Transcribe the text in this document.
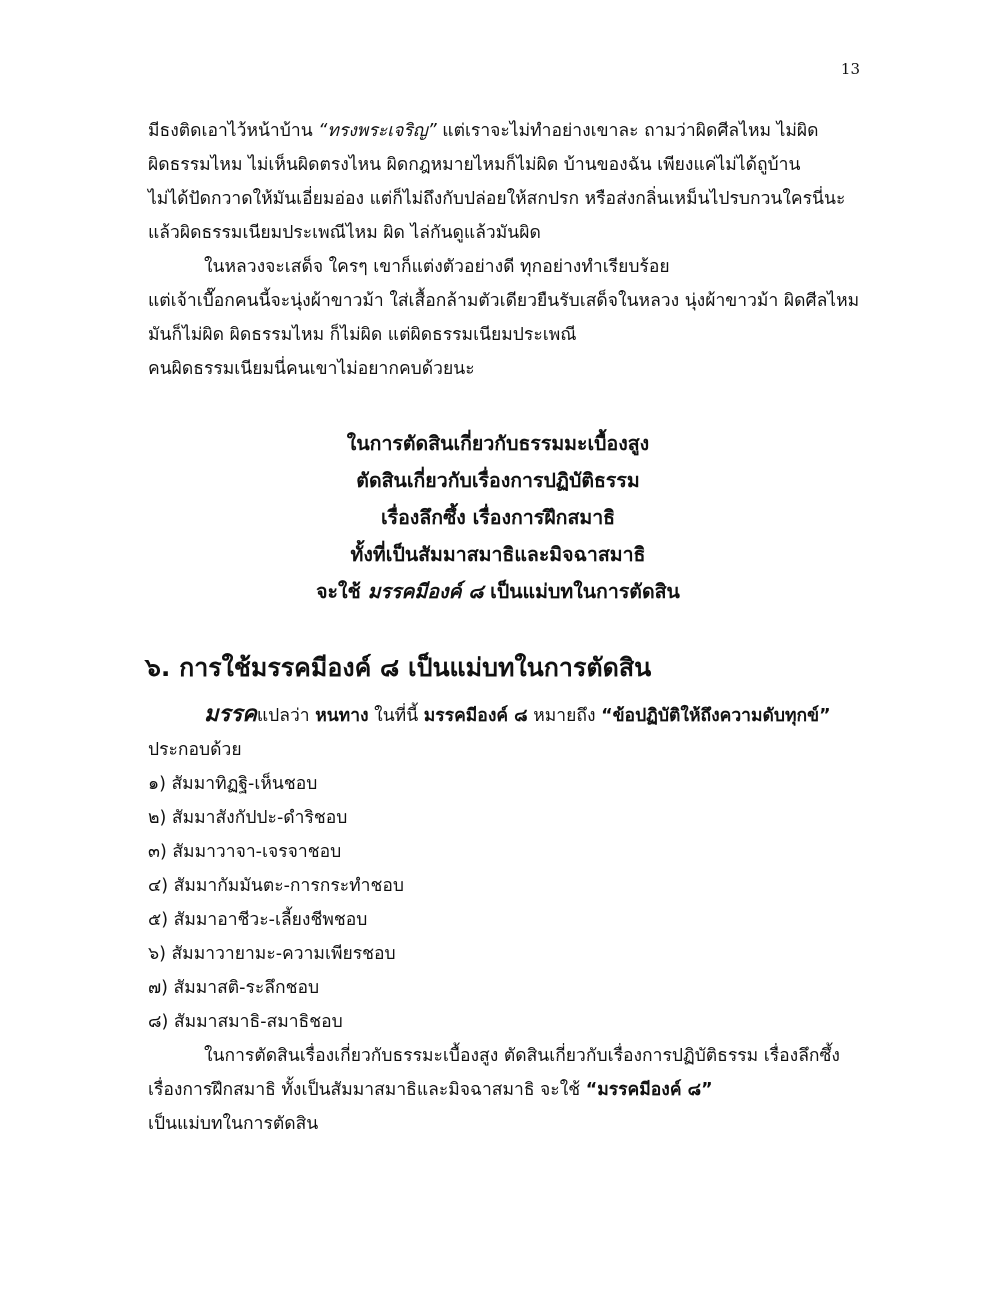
13
มีธงติดเอาไว้หน้าบ้าน “ทรงพระเจริญ” แต่เราจะไม่ทำอย่างเขาละ ถามว่าผิดศีลไหม ไม่ผิด
ผิดธรรมไหม ไม่เห็นผิดตรงไหน ผิดกฎหมายไหมก็ไม่ผิด บ้านของฉัน เพียงแค่ไม่ได้ถูบ้าน
ไม่ได้ปัดกวาดให้มันเอี่ยมอ่อง แต่ก็ไม่ถึงกับปล่อยให้สกปรก หรือส่งกลิ่นเหม็นไปรบกวนใครนี่นะ
แล้วผิดธรรมเนียมประเพณีไหม ผิด ไล่กันดูแล้วมันผิด
ในหลวงจะเสด็จ ใครๆ เขาก็แต่งตัวอย่างดี ทุกอย่างทำเรียบร้อย
แต่เจ้าเบื๊อกคนนี้จะนุ่งผ้าขาวม้า ใส่เสื้อกล้ามตัวเดียวยืนรับเสด็จในหลวง นุ่งผ้าขาวม้า ผิดศีลไหม
มันก็ไม่ผิด ผิดธรรมไหม ก็ไม่ผิด แต่ผิดธรรมเนียมประเพณี
คนผิดธรรมเนียมนี่คนเขาไม่อยากคบด้วยนะ
ในการตัดสินเกี่ยวกับธรรมมะเบื้องสูง
ตัดสินเกี่ยวกับเรื่องการปฏิบัติธรรม
เรื่องลึกซึ้ง เรื่องการฝึกสมาธิ
ทั้งที่เป็นสัมมาสมาธิและมิจฉาสมาธิ
จะใช้ มรรคมีองค์ ๘ เป็นแม่บทในการตัดสิน
๖. การใช้มรรคมีองค์ ๘ เป็นแม่บทในการตัดสิน
มรรคแปลว่า หนทาง ในที่นี้ มรรคมีองค์ ๘ หมายถึง “ข้อปฏิบัติให้ถึงความดับทุกข์”
ประกอบด้วย
๑) สัมมาทิฏฐิ-เห็นชอบ
๒) สัมมาสังกัปปะ-ดำริชอบ
๓) สัมมาวาจา-เจรจาชอบ
๔) สัมมากัมมันตะ-การกระทำชอบ
๕) สัมมาอาชีวะ-เลี้ยงชีพชอบ
๖) สัมมาวายามะ-ความเพียรชอบ
๗) สัมมาสติ-ระลึกชอบ
๘) สัมมาสมาธิ-สมาธิชอบ
ในการตัดสินเรื่องเกี่ยวกับธรรมะเบื้องสูง ตัดสินเกี่ยวกับเรื่องการปฏิบัติธรรม เรื่องลึกซึ้ง
เรื่องการฝึกสมาธิ ทั้งเป็นสัมมาสมาธิและมิจฉาสมาธิ จะใช้ “มรรคมีองค์ ๘”
เป็นแม่บทในการตัดสิน
